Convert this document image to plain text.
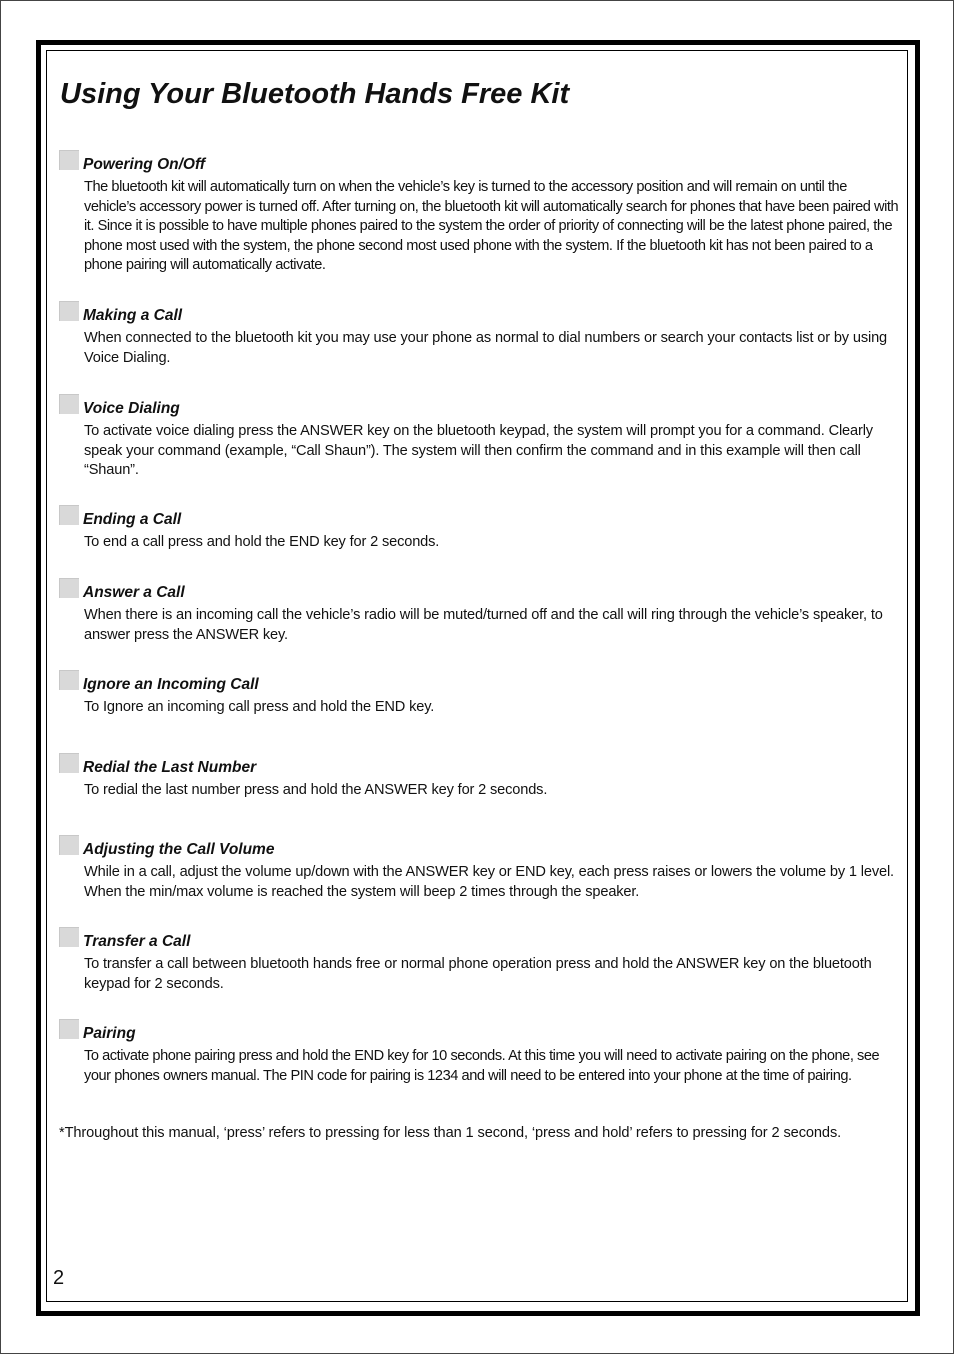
Using Your Bluetooth Hands Free Kit
Powering On/Off

The bluetooth kit will automatically turn on when the vehicle’s key is turned to the accessory position and will remain on until the vehicle’s accessory power is turned off. After turning on, the bluetooth kit will automatically search for phones that have been paired with it. Since it is possible to have multiple phones paired to the system the order of priority of connecting will be the latest phone paired, the phone most used with the system, the phone second most used phone with the system. If the bluetooth kit has not been paired to a phone pairing will automatically activate.

Making a Call

When connected to the bluetooth kit you may use your phone as normal to dial numbers or search your contacts list or by using Voice Dialing.

Voice Dialing

To activate voice dialing press the ANSWER key on the bluetooth keypad, the system will prompt you for a command. Clearly speak your command (example, “Call Shaun”). The system will then confirm the command and in this example will then call “Shaun”.

Ending a Call

To end a call press and hold the END key for 2 seconds.

Answer a Call

When there is an incoming call the vehicle’s radio will be muted/turned off and the call will ring through the vehicle’s speaker, to answer press the ANSWER key.

Ignore an Incoming Call

To Ignore an incoming call press and hold the END key.

Redial the Last Number

To redial the last number press and hold the ANSWER key for 2 seconds.

Adjusting the Call Volume

While in a call, adjust the volume up/down with the ANSWER key or END key, each press raises or lowers the volume by 1 level. When the min/max volume is reached the system will beep 2 times through the speaker.

Transfer a Call

To transfer a call between bluetooth hands free or normal phone operation press and hold the ANSWER key on the bluetooth keypad for 2 seconds.

Pairing

To activate phone pairing press and hold the END key for 10 seconds. At this time you will need to activate pairing on the phone, see your phones owners manual. The PIN code for pairing is 1234 and will need to be entered into your phone at the time of pairing.

*Throughout this manual, ‘press’ refers to pressing for less than 1 second, ‘press and hold’ refers to pressing for 2 seconds.

2
